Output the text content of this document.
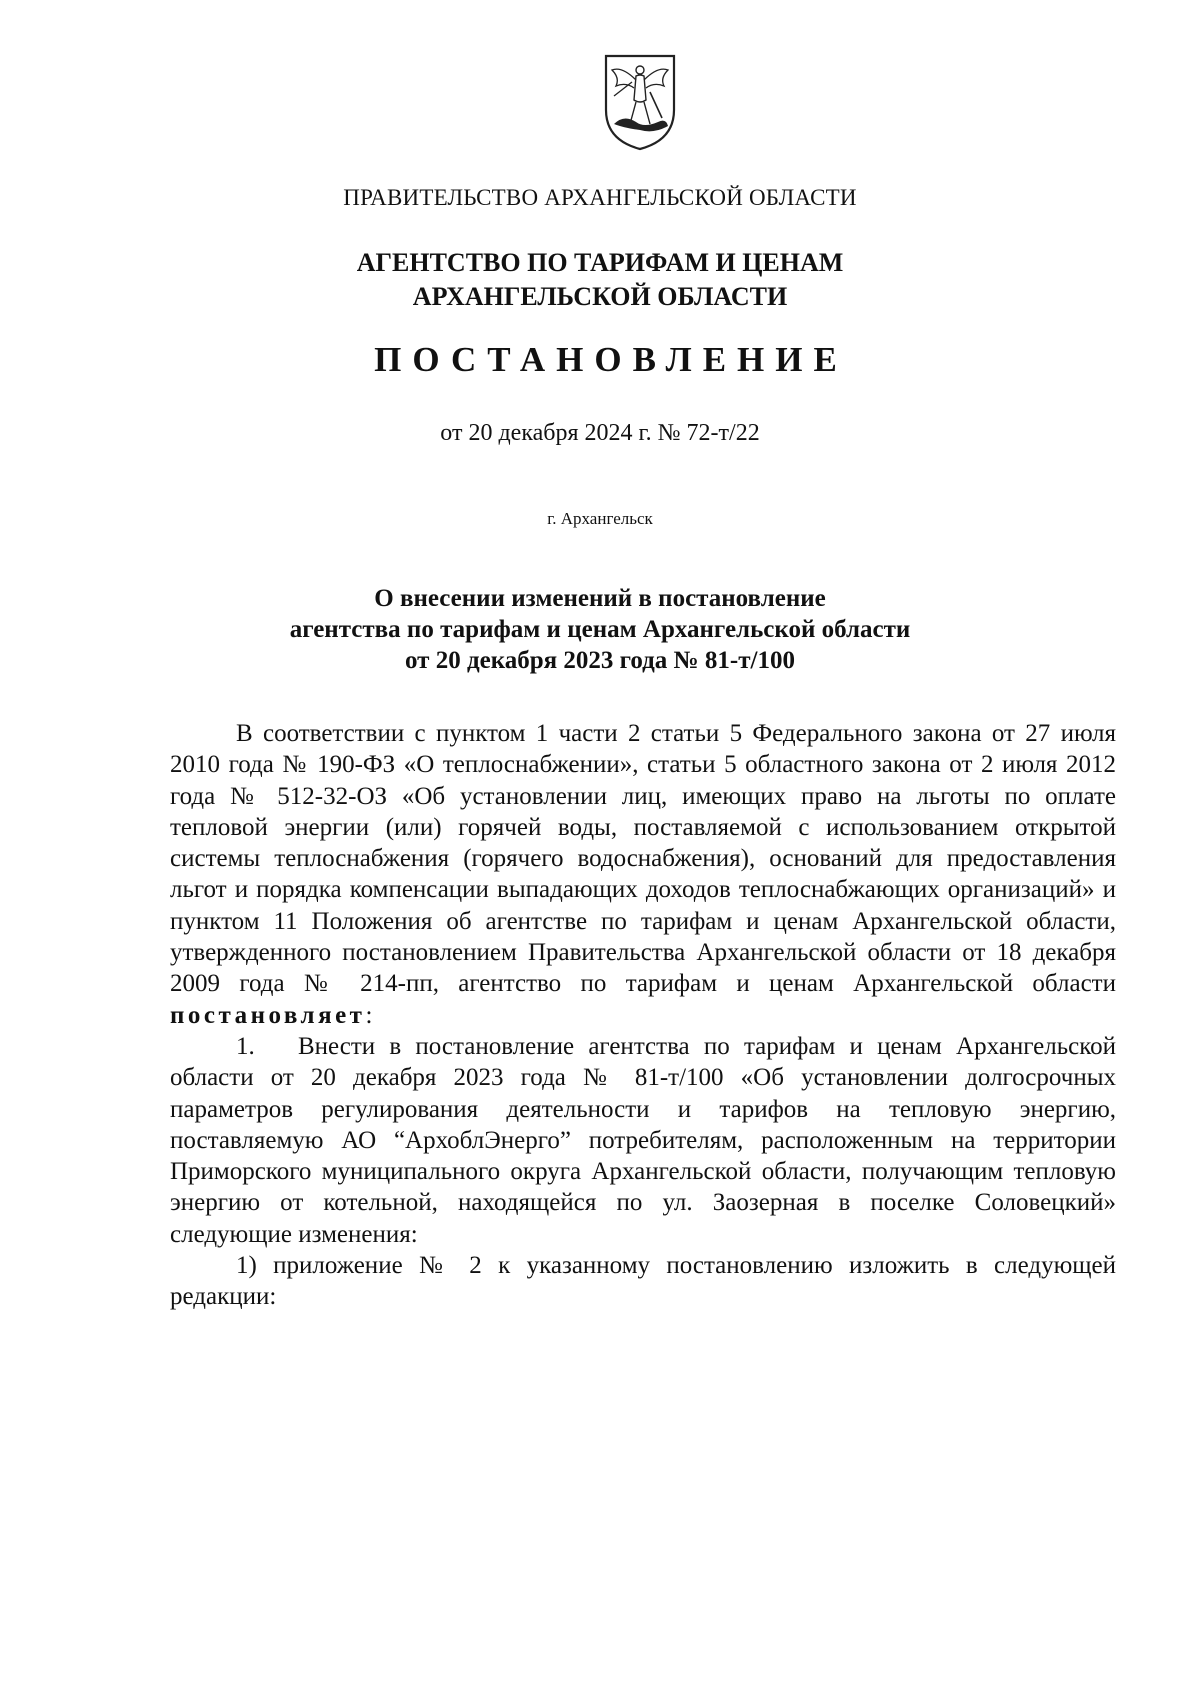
ПРАВИТЕЛЬСТВО АРХАНГЕЛЬСКОЙ ОБЛАСТИ
АГЕНТСТВО ПО ТАРИФАМ И ЦЕНАМ
АРХАНГЕЛЬСКОЙ ОБЛАСТИ
ПОСТАНОВЛЕНИЕ
от 20 декабря 2024 г. № 72-т/22
г. Архангельск
О внесении изменений в постановление
агентства по тарифам и ценам Архангельской области
от 20 декабря 2023 года № 81-т/100

В соответствии с пунктом 1 части 2 статьи 5 Федерального закона от 27 июля 2010 года № 190-ФЗ «О теплоснабжении», статьи 5 областного закона от 2 июля 2012 года № 512-32-ОЗ «Об установлении лиц, имеющих право на льготы по оплате тепловой энергии (или) горячей воды, поставляемой с использованием открытой системы теплоснабжения (горячего водоснабжения), оснований для предоставления льгот и порядка компенсации выпадающих доходов теплоснабжающих организаций» и пунктом 11 Положения об агентстве по тарифам и ценам Архангельской области, утвержденного постановлением Правительства Архангельской области от 18 декабря 2009 года № 214-пп, агентство по тарифам и ценам Архангельской области постановляет:

1. Внести в постановление агентства по тарифам и ценам Архангельской области от 20 декабря 2023 года № 81-т/100 «Об установлении долгосрочных параметров регулирования деятельности и тарифов на тепловую энергию, поставляемую АО “АрхоблЭнерго” потребителям, расположенным на территории Приморского муниципального округа Архангельской области, получающим тепловую энергию от котельной, находящейся по ул. Заозерная в поселке Соловецкий» следующие изменения:

1) приложение № 2 к указанному постановлению изложить в следующей редакции:
